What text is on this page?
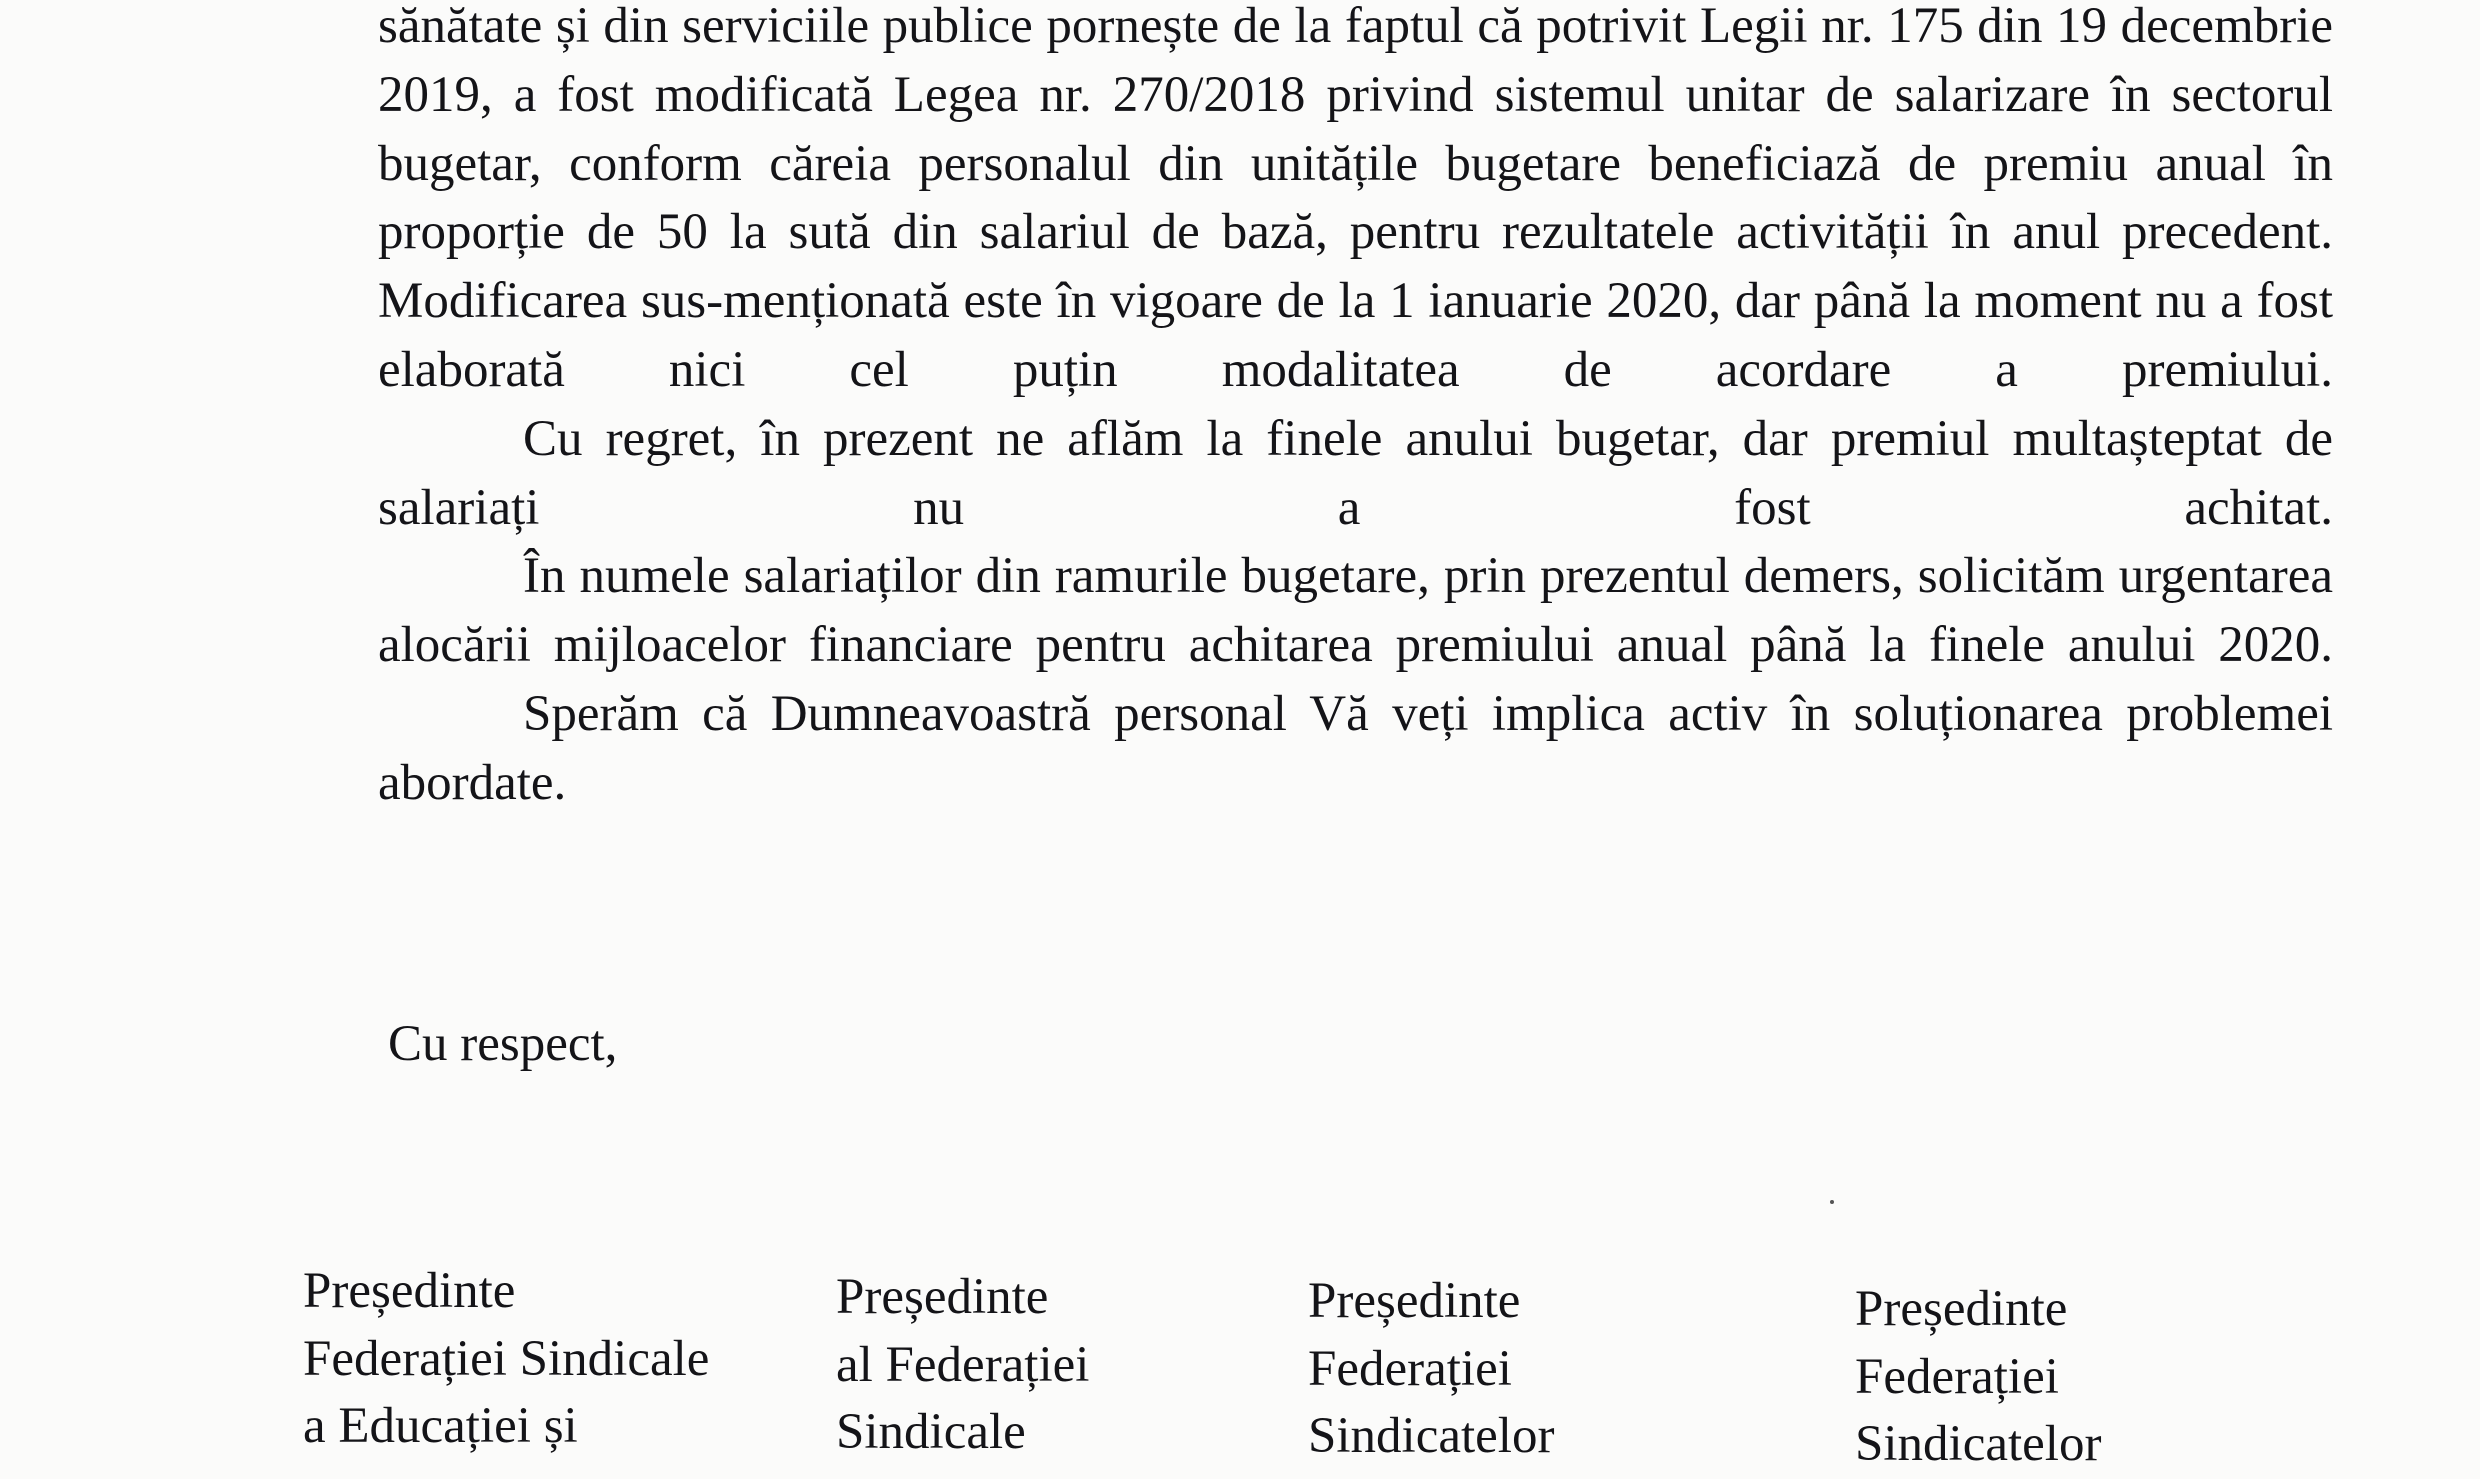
sănătate și din serviciile publice pornește de la faptul că potrivit Legii nr. 175 din 19 decembrie 2019, a fost modificată Legea nr. 270/2018 privind sistemul unitar de salarizare în sectorul bugetar, conform căreia personalul din unitățile bugetare beneficiază de premiu anual în proporție de 50 la sută din salariul de bază, pentru rezultatele activității în anul precedent. Modificarea sus-menționată este în vigoare de la 1 ianuarie 2020, dar până la moment nu a fost elaborată nici cel puțin modalitatea de acordare a premiului.

Cu regret, în prezent ne aflăm la finele anului bugetar, dar premiul multașteptat de salariați nu a fost achitat.

În numele salariaților din ramurile bugetare, prin prezentul demers, solicităm urgentarea alocării mijloacelor financiare pentru achitarea premiului anual până la finele anului 2020.

Sperăm că Dumneavoastră personal Vă veți implica activ în soluționarea problemei abordate.

Cu respect,
Președinte
Federației Sindicale
a Educației și
Președinte
al Federației
Sindicale
Președinte
Federației
Sindicatelor
Președinte
Federației
Sindicatelor
